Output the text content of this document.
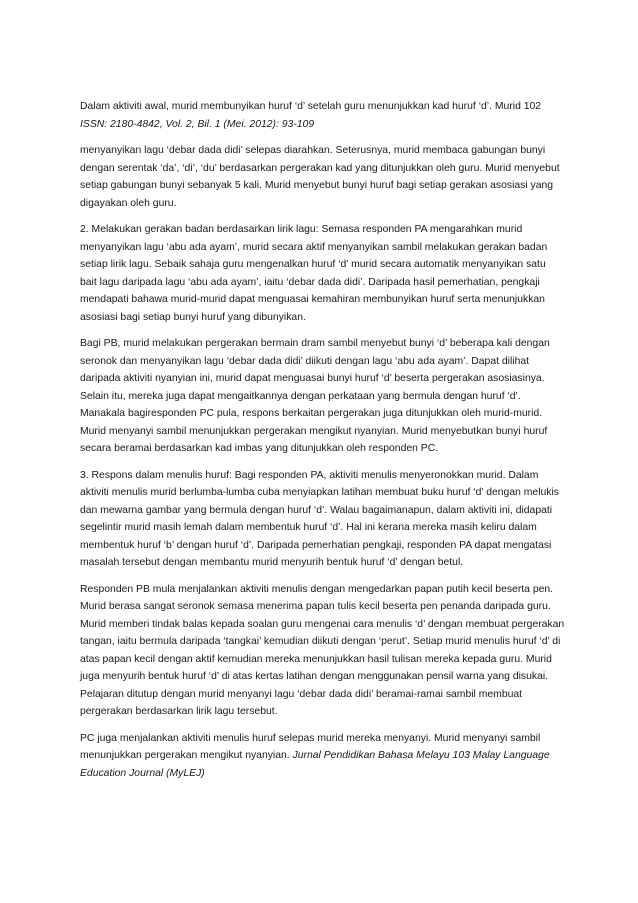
Dalam aktiviti awal, murid membunyikan huruf ‘d’ setelah guru menunjukkan kad huruf ‘d’. Murid 102 ISSN: 2180-4842, Vol. 2, Bil. 1 (Mei. 2012): 93-109

menyanyikan lagu ‘debar dada didi’ selepas diarahkan. Seterusnya, murid membaca gabungan bunyi dengan serentak ‘da’, ‘di’, ‘du’ berdasarkan pergerakan kad yang ditunjukkan oleh guru. Murid menyebut setiap gabungan bunyi sebanyak 5 kali. Murid menyebut bunyi huruf bagi setiap gerakan asosiasi yang digayakan oleh guru.

2. Melakukan gerakan badan berdasarkan lirik lagu: Semasa responden PA mengarahkan murid menyanyikan lagu ‘abu ada ayam’, murid secara aktif menyanyikan sambil melakukan gerakan badan setiap lirik lagu. Sebaik sahaja guru mengenalkan huruf ‘d’ murid secara automatik menyanyikan satu bait lagu daripada lagu ‘abu ada ayam’, iaitu ‘debar dada didi’. Daripada hasil pemerhatian, pengkaji mendapati bahawa murid-murid dapat menguasai kemahiran membunyikan huruf serta menunjukkan asosiasi bagi setiap bunyi huruf yang dibunyikan.

Bagi PB, murid melakukan pergerakan bermain dram sambil menyebut bunyi ‘d’ beberapa kali dengan seronok dan menyanyikan lagu ‘debar dada didi’ diikuti dengan lagu ‘abu ada ayam’. Dapat dilihat daripada aktiviti nyanyian ini, murid dapat menguasai bunyi huruf ‘d’ beserta pergerakan asosiasinya. Selain itu, mereka juga dapat mengaitkannya dengan perkataan yang bermula dengan huruf ‘d’. Manakala bagiresponden PC pula, respons berkaitan pergerakan juga ditunjukkan oleh murid-murid. Murid menyanyi sambil menunjukkan pergerakan mengikut nyanyian. Murid menyebutkan bunyi huruf secara beramai berdasarkan kad imbas yang ditunjukkan oleh responden PC.

3. Respons dalam menulis huruf: Bagi responden PA, aktiviti menulis menyeronokkan murid. Dalam aktiviti menulis murid berlumba-lumba cuba menyiapkan latihan membuat buku huruf ‘d’ dengan melukis dan mewarna gambar yang bermula dengan huruf ‘d’. Walau bagaimanapun, dalam aktiviti ini, didapati segelintir murid masih lemah dalam membentuk huruf ‘d’. Hal ini kerana mereka masih keliru dalam membentuk huruf ‘b’ dengan huruf ‘d’. Daripada pemerhatian pengkaji, responden PA dapat mengatasi masalah tersebut dengan membantu murid menyurih bentuk huruf ‘d’ dengan betul.

Responden PB mula menjalankan aktiviti menulis dengan mengedarkan papan putih kecil beserta pen. Murid berasa sangat seronok semasa menerima papan tulis kecil beserta pen penanda daripada guru. Murid memberi tindak balas kepada soalan guru mengenai cara menulis ‘d’ dengan membuat pergerakan tangan, iaitu bermula daripada ‘tangkai’ kemudian diikuti dengan ‘perut’. Setiap murid menulis huruf ‘d’ di atas papan kecil dengan aktif kemudian mereka menunjukkan hasil tulisan mereka kepada guru. Murid juga menyurih bentuk huruf ‘d’ di atas kertas latihan dengan menggunakan pensil warna yang disukai. Pelajaran ditutup dengan murid menyanyi lagu ‘debar dada didi’ beramai-ramai sambil membuat pergerakan berdasarkan lirik lagu tersebut.

PC juga menjalankan aktiviti menulis huruf selepas murid mereka menyanyi. Murid menyanyi sambil menunjukkan pergerakan mengikut nyanyian. Jurnal Pendidikan Bahasa Melayu 103 Malay Language Education Journal (MyLEJ)
